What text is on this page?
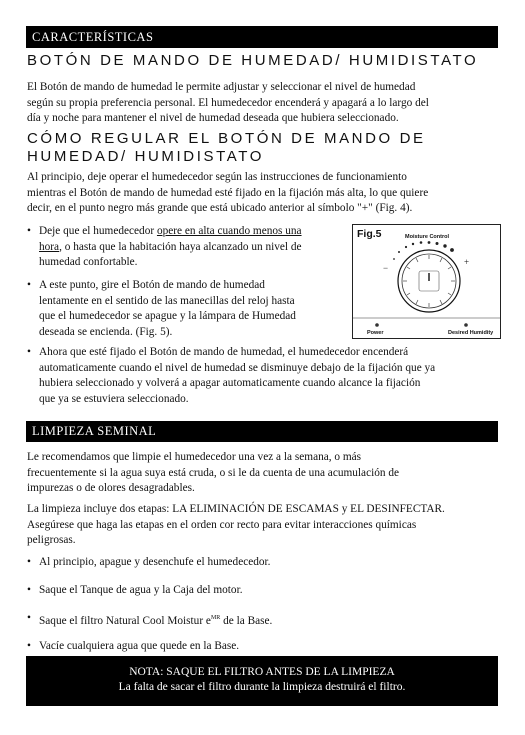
CARACTERÍSTICAS
BOTÓN DE MANDO DE HUMEDAD/ HUMIDISTATO
El Botón de mando de humedad le permite adjustar y seleccionar el nivel de humedad
según su propia preferencia personal. El humedecedor encenderá y apagará a lo largo del
día y noche para mantener el nivel de humedad deseada que hubiera seleccionado.
CÓMO REGULAR EL BOTÓN DE MANDO DE
HUMEDAD/ HUMIDISTATO
Al principio, deje operar el humedecedor según las instrucciones de funcionamiento
mientras el Botón de mando de humedad esté fijado en la fijación más alta, lo que quiere
decir, en el punto negro más grande que está ubicado anterior al símbolo "+" (Fig. 4).
• Deje que el humedecedor opere en alta cuando menos una
hora, o hasta que la habitación haya alcanzado un nivel de
humedad confortable.
• A este punto, gire el Botón de mando de humedad
lentamente en el sentido de las manecillas del reloj hasta
que el humedecedor se apague y la lámpara de Humedad
deseada se encienda. (Fig. 5).
Fig.5	Moisture Control
−
+
Power	Desired Humidity
• Ahora que esté fijado el Botón de mando de humedad, el humedecedor encenderá
automaticamente cuando el nivel de humedad se disminuye debajo de la fijación que ya
hubiera seleccionado y volverá a apagar automaticamente cuando alcance la fijación
que ya se estuviera seleccionado.
LIMPIEZA SEMINAL
Le recomendamos que limpie el humedecedor una vez a la semana, o más
frecuentemente si la agua suya está cruda, o si le da cuenta de una acumulación de
impurezas o de olores desagradables.
La limpieza incluye dos etapas: LA ELIMINACIÓN DE ESCAMAS y EL DESINFECTAR.
Asegúrese que haga las etapas en el orden cor recto para evitar interacciones químicas
peligrosas.
• Al principio, apague y desenchufe el humedecedor.
• Saque el Tanque de agua y la Caja del motor.
• Saque el filtro Natural Cool Moistur $e^{MR}$ de la Base.
• Vacíe cualquiera agua que quede en la Base.
NOTA: SAQUE EL FILTRO ANTES DE LA LIMPIEZA
La falta de sacar el filtro durante la limpieza destruirá el filtro.
